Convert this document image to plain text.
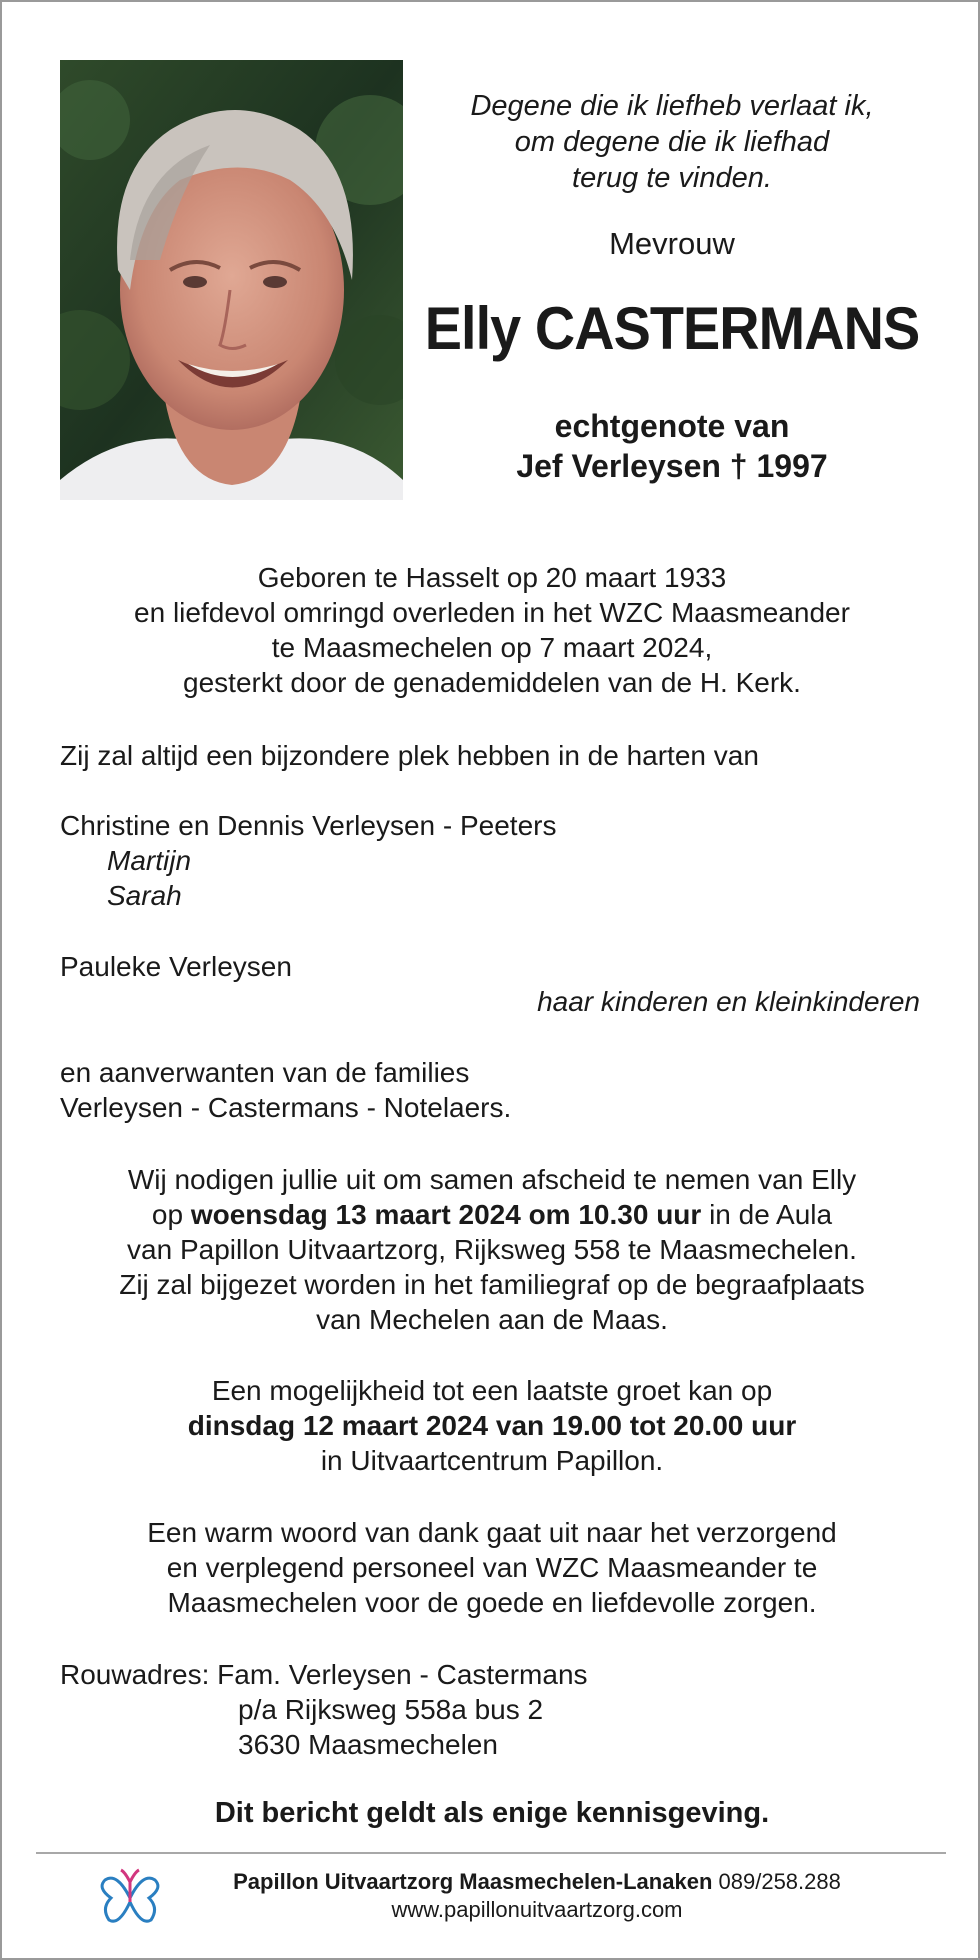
Degene die ik liefheb verlaat ik,
om degene die ik liefhad
terug te vinden.
Mevrouw
Elly CASTERMANS
echtgenote van
Jef Verleysen † 1997
Geboren te Hasselt op 20 maart 1933
en liefdevol omringd overleden in het WZC Maasmeander
te Maasmechelen op 7 maart 2024,
gesterkt door de genademiddelen van de H. Kerk.
Zij zal altijd een bijzondere plek hebben in de harten van
Christine en Dennis Verleysen - Peeters
Martijn
Sarah
Pauleke Verleysen
haar kinderen en kleinkinderen
en aanverwanten van de families
Verleysen - Castermans - Notelaers.
Wij nodigen jullie uit om samen afscheid te nemen van Elly
op woensdag 13 maart 2024 om 10.30 uur in de Aula
van Papillon Uitvaartzorg, Rijksweg 558 te Maasmechelen.
Zij zal bijgezet worden in het familiegraf op de begraafplaats
van Mechelen aan de Maas.
Een mogelijkheid tot een laatste groet kan op
dinsdag 12 maart 2024 van 19.00 tot 20.00 uur
in Uitvaartcentrum Papillon.
Een warm woord van dank gaat uit naar het verzorgend
en verplegend personeel van WZC Maasmeander te
Maasmechelen voor de goede en liefdevolle zorgen.
Rouwadres: Fam. Verleysen - Castermans
p/a Rijksweg 558a bus 2
3630 Maasmechelen
Dit bericht geldt als enige kennisgeving.
Papillon Uitvaartzorg Maasmechelen-Lanaken 089/258.288
www.papillonuitvaartzorg.com
